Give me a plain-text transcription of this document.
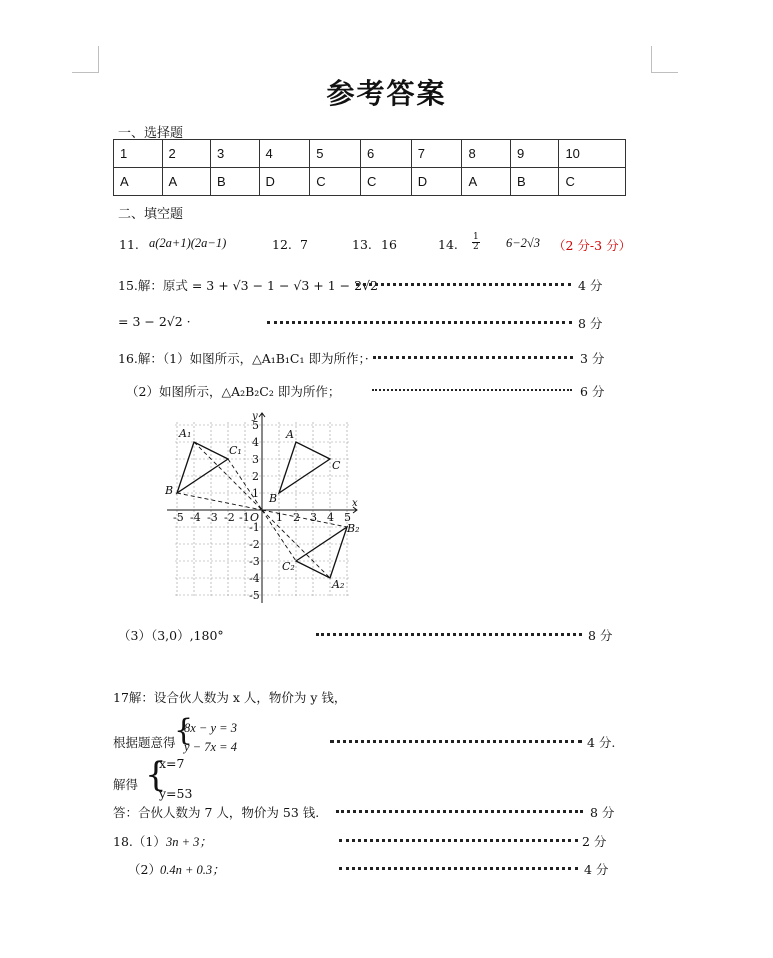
参考答案
一、选择题
1	2	3	4	5	6	7	8	9	10
A	A	B	D	C	C	D	A	B	C
二、填空题
11. a(2a+1)(2a−1)	12. 7	13. 16	14. $\frac{1}{2} 6-2√3$ （2 分-3 分）
15.解：原式 = 3 + √3 − 1 − √3 + 1 − 2√2	4 分
= 3 − 2√2 ·	8 分
16.解：（1）如图所示，△A₁B₁C₁ 即为所作；·	3 分
（2）如图所示，△A₂B₂C₂ 即为所作；	6 分
x
y
O
-5 -4 -3 -2 -1 1 2 3 4 5
5
4
3
2
1
-1
-2
-3
-4
-5
A₁
C₁
B
A
C
B
B₂
C₂
A₂
（3）（3,0）,180°	8 分
17解：设合伙人数为 x 人，物价为 y 钱，
根据题意得
{
8x − y = 3
y − 7x = 4	4 分.
解得 {
x=7
y=53
答：合伙人数为 7 人，物价为 53 钱.	8 分
18.（1） 3n + 3；	2 分
（2） 0.4n + 0.3；	4 分
